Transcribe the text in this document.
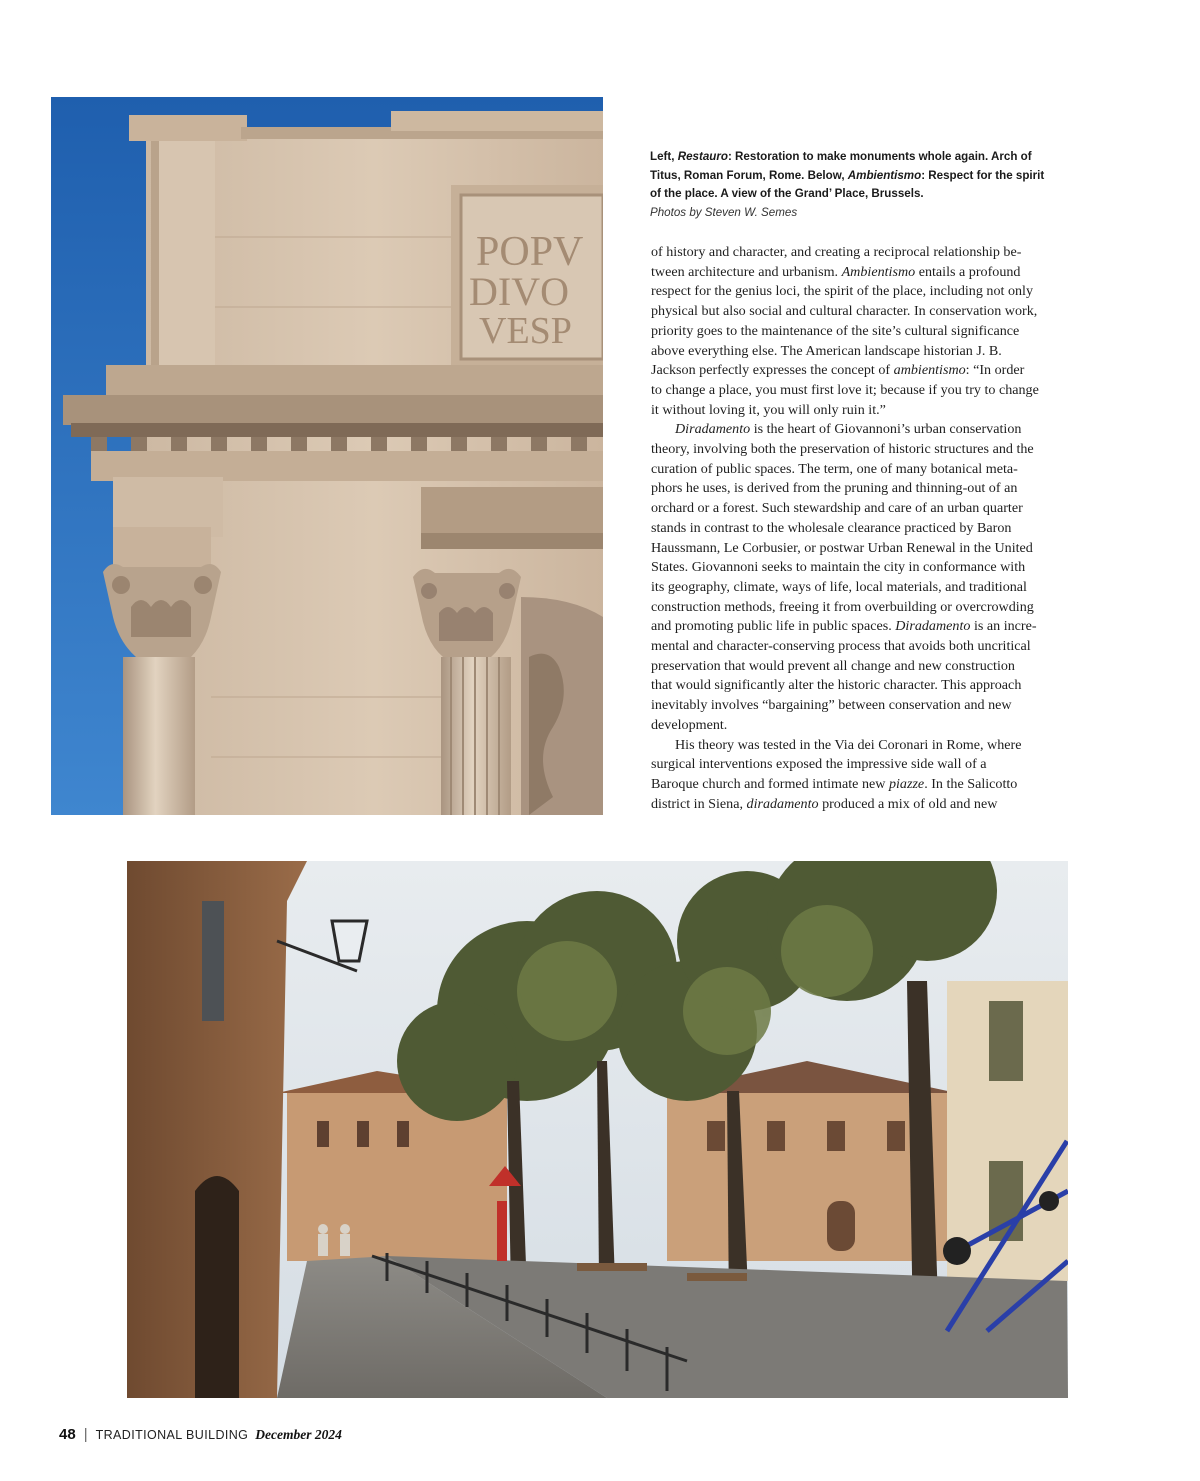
POPV
DIVO
VESP
Left, Restauro: Restoration to make monuments whole again. Arch of Titus, Roman Forum, Rome. Below, Ambientismo: Respect for the spirit of the place. A view of the Grand’ Place, Brussels.
Photos by Steven W. Semes
of history and character, and creating a reciprocal relationship be-
tween architecture and urbanism. Ambientismo entails a profound
respect for the genius loci, the spirit of the place, including not only
physical but also social and cultural character. In conservation work,
priority goes to the maintenance of the site’s cultural significance
above everything else. The American landscape historian J. B.
Jackson perfectly expresses the concept of ambientismo: “In order
to change a place, you must first love it; because if you try to change
it without loving it, you will only ruin it.”
Diradamento is the heart of Giovannoni’s urban conservation
theory, involving both the preservation of historic structures and the
curation of public spaces. The term, one of many botanical meta-
phors he uses, is derived from the pruning and thinning-out of an
orchard or a forest. Such stewardship and care of an urban quarter
stands in contrast to the wholesale clearance practiced by Baron
Haussmann, Le Corbusier, or postwar Urban Renewal in the United
States. Giovannoni seeks to maintain the city in conformance with
its geography, climate, ways of life, local materials, and traditional
construction methods, freeing it from overbuilding or overcrowding
and promoting public life in public spaces. Diradamento is an incre-
mental and character-conserving process that avoids both uncritical
preservation that would prevent all change and new construction
that would significantly alter the historic character. This approach
inevitably involves “bargaining” between conservation and new
development.
His theory was tested in the Via dei Coronari in Rome, where
surgical interventions exposed the impressive side wall of a
Baroque church and formed intimate new piazze. In the Salicotto
district in Siena, diradamento produced a mix of old and new
48 | TRADITIONAL BUILDING December 2024
